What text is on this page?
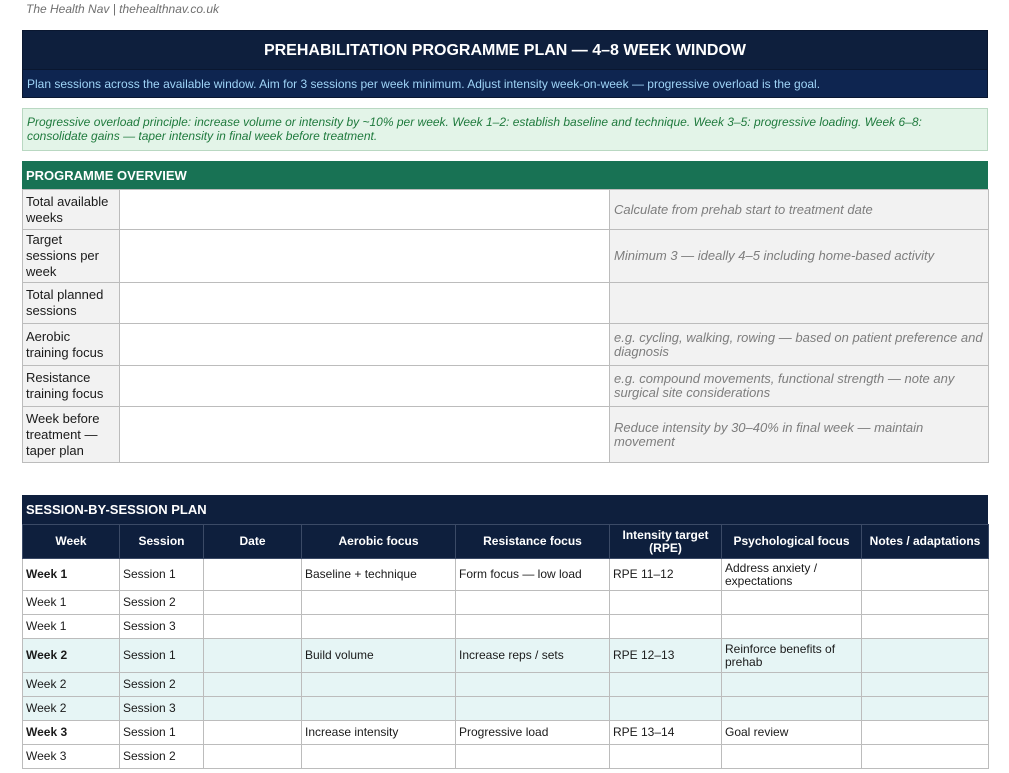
The Health Nav | thehealthnav.co.uk
PREHABILITATION PROGRAMME PLAN — 4–8 WEEK WINDOW
Plan sessions across the available window. Aim for 3 sessions per week minimum. Adjust intensity week-on-week — progressive overload is the goal.
Progressive overload principle: increase volume or intensity by ~10% per week. Week 1–2: establish baseline and technique. Week 3–5: progressive loading. Week 6–8: consolidate gains — taper intensity in final week before treatment.
PROGRAMME OVERVIEW
Total available weeks		Calculate from prehab start to treatment date
Target sessions per week		Minimum 3 — ideally 4–5 including home-based activity
Total planned sessions		
Aerobic training focus		e.g. cycling, walking, rowing — based on patient preference and diagnosis
Resistance training focus		e.g. compound movements, functional strength — note any surgical site considerations
Week before treatment — taper plan		Reduce intensity by 30–40% in final week — maintain movement
SESSION-BY-SESSION PLAN
Week	Session	Date	Aerobic focus	Resistance focus	Intensity target (RPE)	Psychological focus	Notes / adaptations
Week 1	Session 1		Baseline + technique	Form focus — low load	RPE 11–12	Address anxiety / expectations	
Week 1	Session 2						
Week 1	Session 3						
Week 2	Session 1		Build volume	Increase reps / sets	RPE 12–13	Reinforce benefits of prehab	
Week 2	Session 2						
Week 2	Session 3						
Week 3	Session 1		Increase intensity	Progressive load	RPE 13–14	Goal review	
Week 3	Session 2						
